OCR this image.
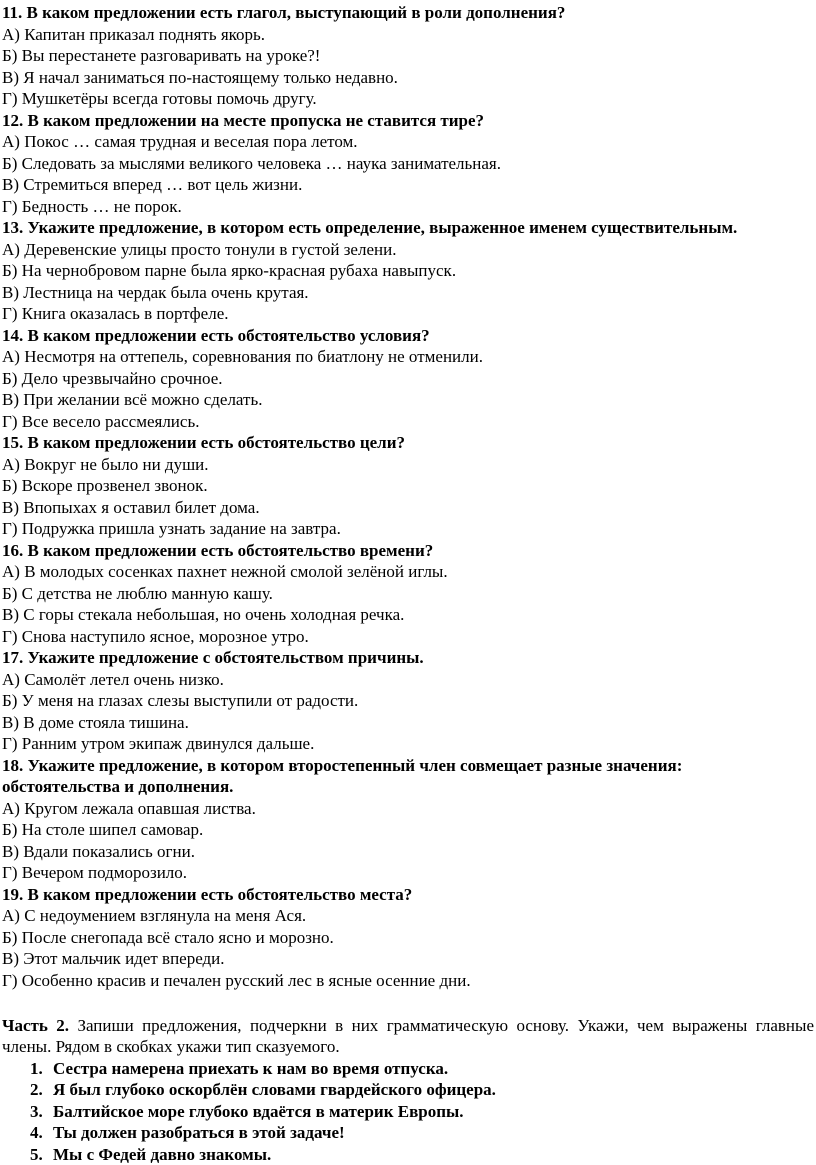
11. В каком предложении есть глагол, выступающий в роли дополнения?
А) Капитан приказал поднять якорь.
Б) Вы перестанете разговаривать на уроке?!
В) Я начал заниматься по-настоящему только недавно.
Г) Мушкетёры всегда готовы помочь другу.
12. В каком предложении на месте пропуска не ставится тире?
А) Покос … самая трудная и веселая пора летом.
Б) Следовать за мыслями великого человека … наука занимательная.
В) Стремиться вперед … вот цель жизни.
Г) Бедность … не порок.
13. Укажите предложение, в котором есть определение, выраженное именем существительным.
А) Деревенские улицы просто тонули в густой зелени.
Б) На чернобровом парне была ярко-красная рубаха навыпуск.
В) Лестница на чердак была очень крутая.
Г) Книга оказалась в портфеле.
14. В каком предложении есть обстоятельство условия?
А) Несмотря на оттепель, соревнования по биатлону не отменили.
Б) Дело чрезвычайно срочное.
В) При желании всё можно сделать.
Г) Все весело рассмеялись.
15. В каком предложении есть обстоятельство цели?
А) Вокруг не было ни души.
Б) Вскоре прозвенел звонок.
В) Впопыхах я оставил билет дома.
Г) Подружка пришла узнать задание на завтра.
16. В каком предложении есть обстоятельство времени?
А) В молодых сосенках пахнет нежной смолой зелёной иглы.
Б) С детства не люблю манную кашу.
В) С горы стекала небольшая, но очень холодная речка.
Г) Снова наступило ясное, морозное утро.
17. Укажите предложение с обстоятельством причины.
А) Самолёт летел очень низко.
Б) У меня на глазах слезы выступили от радости.
В) В доме стояла тишина.
Г) Ранним утром экипаж двинулся дальше.
18. Укажите предложение, в котором второстепенный член совмещает разные значения:
обстоятельства и дополнения.
А) Кругом лежала опавшая листва.
Б) На столе шипел самовар.
В) Вдали показались огни.
Г) Вечером подморозило.
19. В каком предложении есть обстоятельство места?
А) С недоумением взглянула на меня Ася.
Б) После снегопада всё стало ясно и морозно.
В) Этот мальчик идет впереди.
Г) Особенно красив и печален русский лес в ясные осенние дни.
Часть 2. Запиши предложения, подчеркни в них грамматическую основу. Укажи, чем выражены главные члены. Рядом в скобках укажи тип сказуемого.
1. Сестра намерена приехать к нам во время отпуска.
2. Я был глубоко оскорблён словами гвардейского офицера.
3. Балтийское море глубоко вдаётся в материк Европы.
4. Ты должен разобраться в этой задаче!
5. Мы с Федей давно знакомы.
